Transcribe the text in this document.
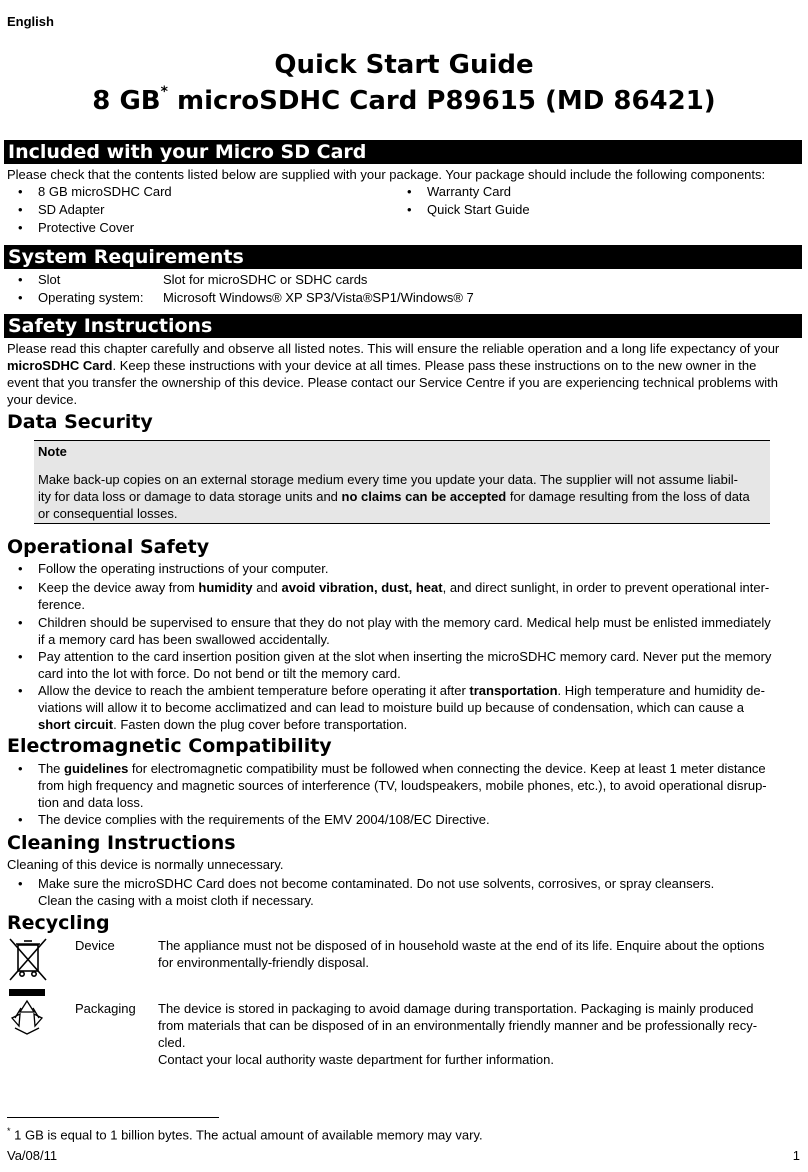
English
Quick Start Guide
8 GB* microSDHC Card P89615 (MD 86421)
Included with your Micro SD Card
Please check that the contents listed below are supplied with your package. Your package should include the following components:
• 8 GB microSDHC Card
• SD Adapter
• Protective Cover
• Warranty Card
• Quick Start Guide
System Requirements
• Slot	Slot for microSDHC or SDHC cards
• Operating system: Microsoft Windows® XP SP3/Vista®SP1/Windows® 7
Safety Instructions
Please read this chapter carefully and observe all listed notes. This will ensure the reliable operation and a long life expectancy of your
microSDHC Card. Keep these instructions with your device at all times. Please pass these instructions on to the new owner in the
event that you transfer the ownership of this device. Please contact our Service Centre if you are experiencing technical problems with
your device.
Data Security
Note
Make back-up copies on an external storage medium every time you update your data. The supplier will not assume liabil-
ity for data loss or damage to data storage units and no claims can be accepted for damage resulting from the loss of data
or consequential losses.
Operational Safety
• Follow the operating instructions of your computer.
• Keep the device away from humidity and avoid vibration, dust, heat, and direct sunlight, in order to prevent operational inter-
ference.
• Children should be supervised to ensure that they do not play with the memory card. Medical help must be enlisted immediately
if a memory card has been swallowed accidentally.
• Pay attention to the card insertion position given at the slot when inserting the microSDHC memory card. Never put the memory
card into the lot with force. Do not bend or tilt the memory card.
• Allow the device to reach the ambient temperature before operating it after transportation. High temperature and humidity de-
viations will allow it to become acclimatized and can lead to moisture build up because of condensation, which can cause a
short circuit. Fasten down the plug cover before transportation.
Electromagnetic Compatibility
• The guidelines for electromagnetic compatibility must be followed when connecting the device. Keep at least 1 meter distance
from high frequency and magnetic sources of interference (TV, loudspeakers, mobile phones, etc.), to avoid operational disrup-
tion and data loss.
• The device complies with the requirements of the EMV 2004/108/EC Directive.
Cleaning Instructions
Cleaning of this device is normally unnecessary.
• Make sure the microSDHC Card does not become contaminated. Do not use solvents, corrosives, or spray cleansers.
Clean the casing with a moist cloth if necessary.
Recycling
Device	The appliance must not be disposed of in household waste at the end of its life. Enquire about the options
for environmentally-friendly disposal.
Packaging The device is stored in packaging to avoid damage during transportation. Packaging is mainly produced
from materials that can be disposed of in an environmentally friendly manner and be professionally recy-
cled.
Contact your local authority waste department for further information.
* 1 GB is equal to 1 billion bytes. The actual amount of available memory may vary.
Va/08/11	1
